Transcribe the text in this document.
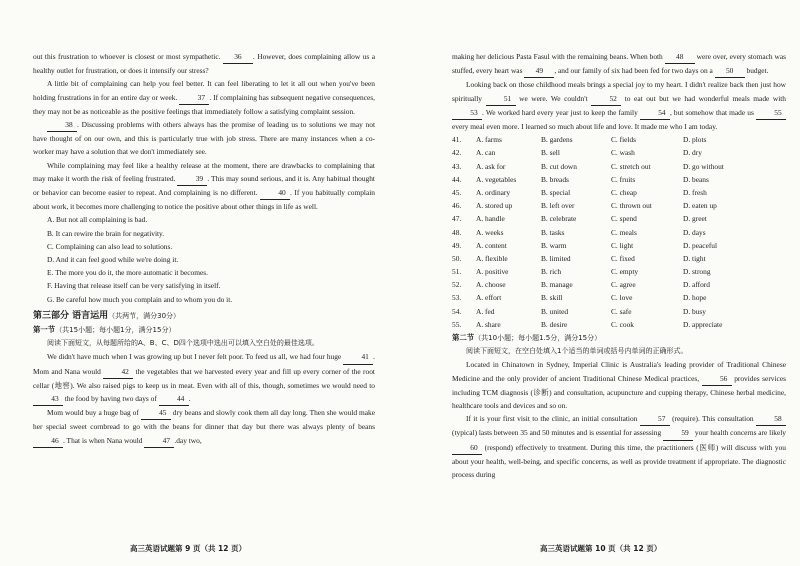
out this frustration to whoever is closest or most sympathetic. 36 . However, does complaining allow us a healthy outlet for frustration, or does it intensify our stress?

A little bit of complaining can help you feel better. It can feel liberating to let it all out when you've been holding frustrations in for an entire day or week.	37 . If complaining has subsequent negative consequences, they may not be as noticeable as the positive feelings that immediately follow a satisfying complaint session.

38 . Discussing problems with others always has the promise of leading us to solutions we may not have thought of on our own, and this is particularly true with job stress. There are many instances when a co-worker may have a solution that we don't immediately see.

While complaining may feel like a healthy release at the moment, there are drawbacks to complaining that may make it worth the risk of feeling frustrated.	39 . This may sound serious, and it is. Any habitual thought or behavior can become easier to repeat. And complaining is no different.	40 . If you habitually complain about work, it becomes more challenging to notice the positive about other things in life as well.

A. But not all complaining is bad.
B. It can rewire the brain for negativity.
C. Complaining can also lead to solutions.
D. And it can feel good while we're doing it.
E. The more you do it, the more automatic it becomes.
F. Having that release itself can be very satisfying in itself.
G. Be careful how much you complain and to whom you do it.
第三部分 语言运用（共两节，满分30分）
第一节（共15小题；每小题1分，满分15分）

阅读下面短文，从每题所给的A、B、C、D四个选项中选出可以填入空白处的最佳选项。

We didn't have much when I was growing up but I never felt poor. To feed us all, we had four huge	41 . Mom and Nana would	42 the vegetables that we harvested every year and fill up every corner of the root cellar (地窖). We also raised pigs to keep us in meat. Even with all of this, though, sometimes we would need to 43 the food by having two days of	44 .

Mom would buy a huge bag of	45 dry beans and slowly cook them all day long. Then she would make her special sweet cornbread to go with the beans for dinner that day but there was always plenty of beans 46 . That is when Nana would	47 .day two,

高三英语试题第 9 页（共 12 页）

making her delicious Pasta Fasul with the remaining beans. When both 48 were over, every stomach was stuffed, every heart was 49 , and our family of six had been fed for two days on a 50 budget.

Looking back on those childhood meals brings a special joy to my heart. I didn't realize back then just how spiritually	51 we were. We couldn't	52 to eat out but we had wonderful meals made with 53 . We worked hard every year just to keep the family	54 , but somehow that made us	55 every meal even more. I learned so much about life and love. It made me who I am today.

41.	A. farms	B. gardens	C. fields	D. plots
42.	A. can	B. sell	C. wash	D. dry
43.	A. ask for	B. cut down	C. stretch out	D. go without
44.	A. vegetables	B. breads	C. fruits	D. beans
45.	A. ordinary	B. special	C. cheap	D. fresh
46.	A. stored up	B. left over	C. thrown out	D. eaten up
47.	A. handle	B. celebrate	C. spend	D. greet
48.	A. weeks	B. tasks	C. meals	D. days
49.	A. content	B. warm	C. light	D. peaceful
50.	A. flexible	B. limited	C. fixed	D. tight
51.	A. positive	B. rich	C. empty	D. strong
52.	A. choose	B. manage	C. agree	D. afford
53.	A. effort	B. skill	C. love	D. hope
54.	A. fed	B. united	C. safe	D. busy
55.	A. share	B. desire	C. cook	D. appreciate
第二节（共10小题；每小题1.5分，满分15分）

阅读下面短文，在空白处填入1个适当的单词或括号内单词的正确形式。

Located in Chinatown in Sydney, Imperial Clinic is Australia's leading provider of Traditional Chinese Medicine and the only provider of ancient Traditional Chinese Medical practices,	56 provides services including TCM diagnosis (诊断) and consultation, acupuncture and cupping therapy, Chinese herbal medicine, healthcare tools and devices and so on.

If it is your first visit to the clinic, an initial consultation	57 (require). This consultation	58 (typical) lasts between 35 and 50 minutes and is essential for assessing	59 your health concerns are likely 60 (respond) effectively to treatment. During this time, the practitioners (医师) will discuss with you about your health, well-being, and specific concerns, as well as provide treatment if appropriate. The diagnostic process during

高三英语试题第 10 页（共 12 页）
